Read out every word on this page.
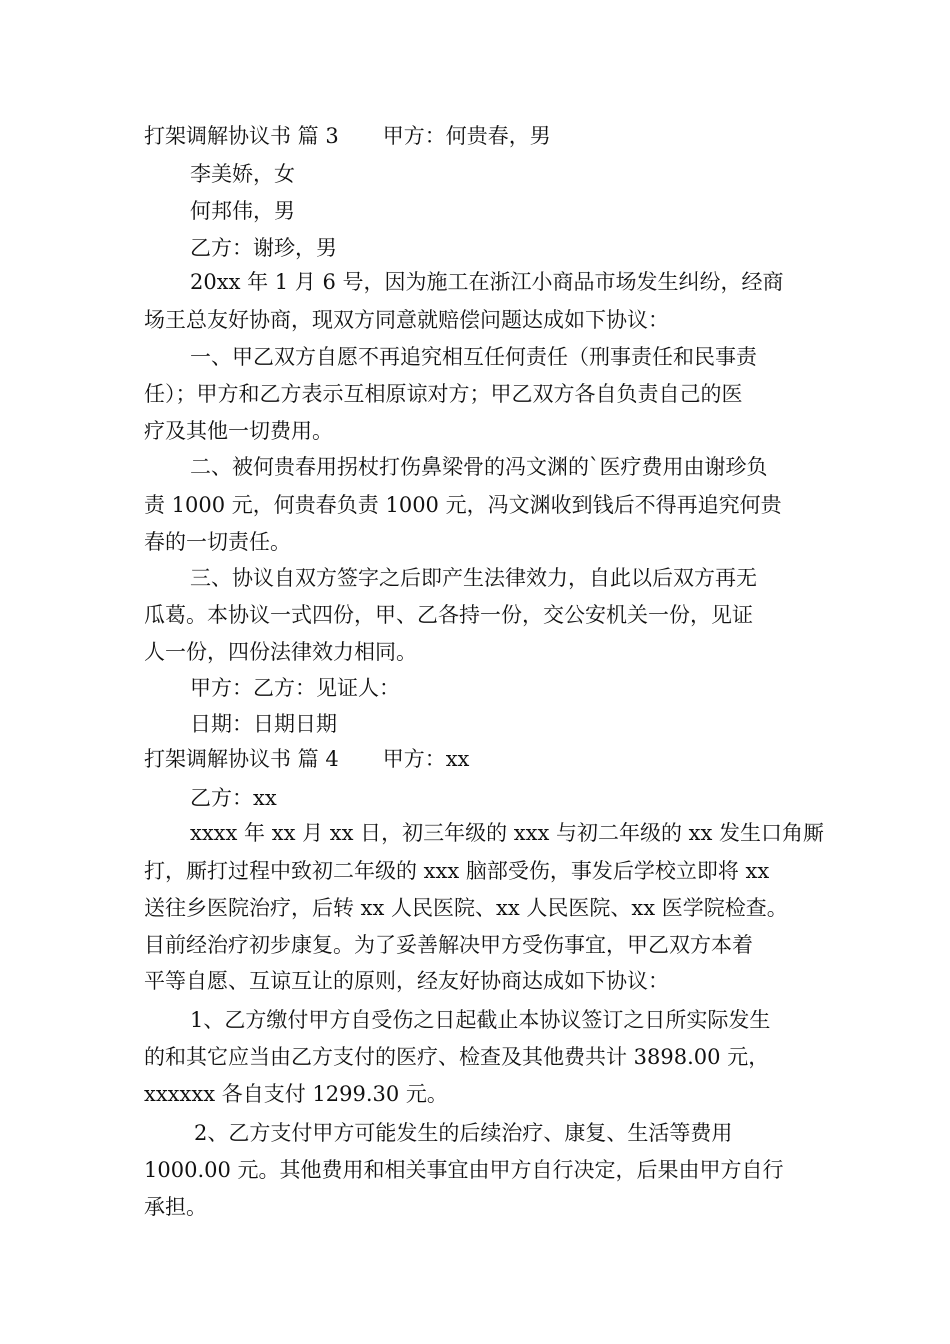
打架调解协议书 篇 3 甲方：何贵春，男
李美娇，女
何邦伟，男
乙方：谢珍，男
20xx 年 1 月 6 号，因为施工在浙江小商品市场发生纠纷，经商
场王总友好协商，现双方同意就赔偿问题达成如下协议：
一、甲乙双方自愿不再追究相互任何责任（刑事责任和民事责
任）；甲方和乙方表示互相原谅对方；甲乙双方各自负责自己的医
疗及其他一切费用。
二、被何贵春用拐杖打伤鼻梁骨的冯文渊的`医疗费用由谢珍负
责 1000 元，何贵春负责 1000 元，冯文渊收到钱后不得再追究何贵
春的一切责任。
三、协议自双方签字之后即产生法律效力，自此以后双方再无
瓜葛。本协议一式四份，甲、乙各持一份，交公安机关一份，见证
人一份，四份法律效力相同。
甲方：乙方：见证人：
日期：日期日期
打架调解协议书 篇 4 甲方：xx
乙方：xx
xxxx 年 xx 月 xx 日，初三年级的 xxx 与初二年级的 xx 发生口角厮
打，厮打过程中致初二年级的 xxx 脑部受伤，事发后学校立即将 xx
送往乡医院治疗，后转 xx 人民医院、xx 人民医院、xx 医学院检查。
目前经治疗初步康复。为了妥善解决甲方受伤事宜，甲乙双方本着
平等自愿、互谅互让的原则，经友好协商达成如下协议：
1、乙方缴付甲方自受伤之日起截止本协议签订之日所实际发生
的和其它应当由乙方支付的医疗、检查及其他费共计 3898.00 元，
xxxxxx 各自支付 1299.30 元。
2、乙方支付甲方可能发生的后续治疗、康复、生活等费用
1000.00 元。其他费用和相关事宜由甲方自行决定，后果由甲方自行
承担。
